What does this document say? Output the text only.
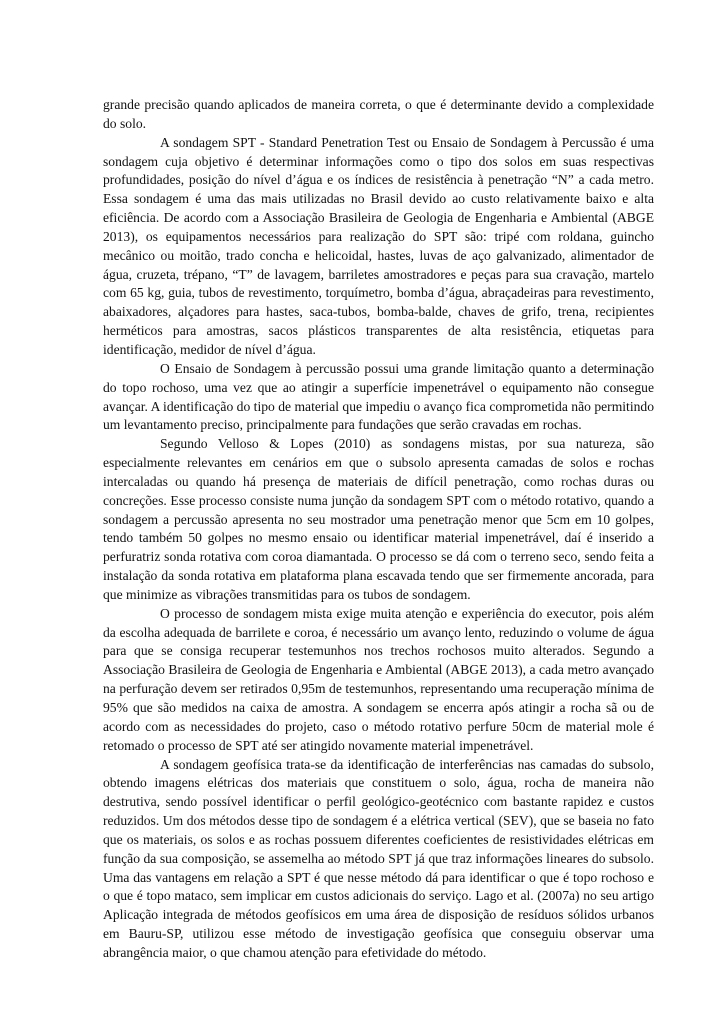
grande precisão quando aplicados de maneira correta, o que é determinante devido a complexidade do solo.

A sondagem SPT - Standard Penetration Test ou Ensaio de Sondagem à Percussão é uma sondagem cuja objetivo é determinar informações como o tipo dos solos em suas respectivas profundidades, posição do nível d’água e os índices de resistência à penetração “N” a cada metro. Essa sondagem é uma das mais utilizadas no Brasil devido ao custo relativamente baixo e alta eficiência. De acordo com a Associação Brasileira de Geologia de Engenharia e Ambiental (ABGE 2013), os equipamentos necessários para realização do SPT são: tripé com roldana, guincho mecânico ou moitão, trado concha e helicoidal, hastes, luvas de aço galvanizado, alimentador de água, cruzeta, trépano, “T” de lavagem, barriletes amostradores e peças para sua cravação, martelo com 65 kg, guia, tubos de revestimento, torquímetro, bomba d’água, abraçadeiras para revestimento, abaixadores, alçadores para hastes, saca-tubos, bomba-balde, chaves de grifo, trena, recipientes herméticos para amostras, sacos plásticos transparentes de alta resistência, etiquetas para identificação, medidor de nível d’água.

O Ensaio de Sondagem à percussão possui uma grande limitação quanto a determinação do topo rochoso, uma vez que ao atingir a superfície impenetrável o equipamento não consegue avançar. A identificação do tipo de material que impediu o avanço fica comprometida não permitindo um levantamento preciso, principalmente para fundações que serão cravadas em rochas.

Segundo Velloso & Lopes (2010) as sondagens mistas, por sua natureza, são especialmente relevantes em cenários em que o subsolo apresenta camadas de solos e rochas intercaladas ou quando há presença de materiais de difícil penetração, como rochas duras ou concreções. Esse processo consiste numa junção da sondagem SPT com o método rotativo, quando a sondagem a percussão apresenta no seu mostrador uma penetração menor que 5cm em 10 golpes, tendo também 50 golpes no mesmo ensaio ou identificar material impenetrável, daí é inserido a perfuratriz sonda rotativa com coroa diamantada. O processo se dá com o terreno seco, sendo feita a instalação da sonda rotativa em plataforma plana escavada tendo que ser firmemente ancorada, para que minimize as vibrações transmitidas para os tubos de sondagem.

O processo de sondagem mista exige muita atenção e experiência do executor, pois além da escolha adequada de barrilete e coroa, é necessário um avanço lento, reduzindo o volume de água para que se consiga recuperar testemunhos nos trechos rochosos muito alterados. Segundo a Associação Brasileira de Geologia de Engenharia e Ambiental (ABGE 2013), a cada metro avançado na perfuração devem ser retirados 0,95m de testemunhos, representando uma recuperação mínima de 95% que são medidos na caixa de amostra. A sondagem se encerra após atingir a rocha sã ou de acordo com as necessidades do projeto, caso o método rotativo perfure 50cm de material mole é retomado o processo de SPT até ser atingido novamente material impenetrável.

A sondagem geofísica trata-se da identificação de interferências nas camadas do subsolo, obtendo imagens elétricas dos materiais que constituem o solo, água, rocha de maneira não destrutiva, sendo possível identificar o perfil geológico-geotécnico com bastante rapidez e custos reduzidos. Um dos métodos desse tipo de sondagem é a elétrica vertical (SEV), que se baseia no fato que os materiais, os solos e as rochas possuem diferentes coeficientes de resistividades elétricas em função da sua composição, se assemelha ao método SPT já que traz informações lineares do subsolo. Uma das vantagens em relação a SPT é que nesse método dá para identificar o que é topo rochoso e o que é topo mataco, sem implicar em custos adicionais do serviço. Lago et al. (2007a) no seu artigo Aplicação integrada de métodos geofísicos em uma área de disposição de resíduos sólidos urbanos em Bauru-SP, utilizou esse método de investigação geofísica que conseguiu observar uma abrangência maior, o que chamou atenção para efetividade do método.
